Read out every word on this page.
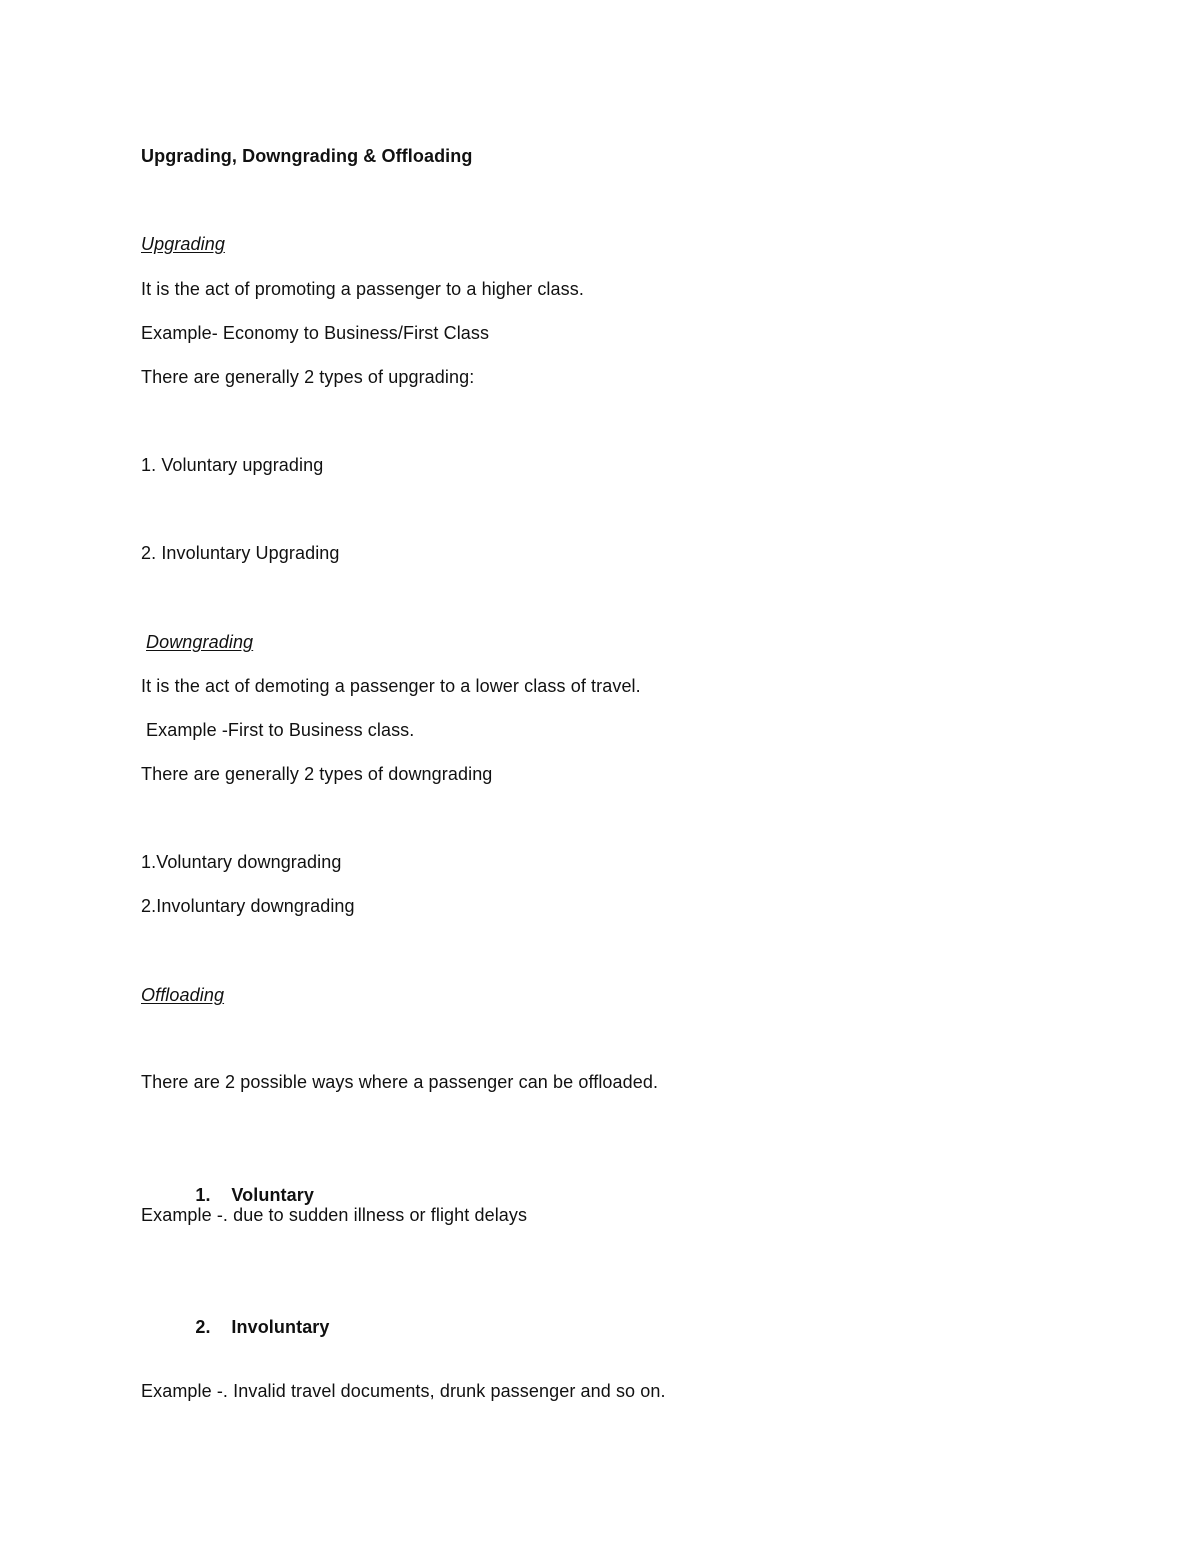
Upgrading, Downgrading & Offloading
Upgrading
It is the act of promoting a passenger to a higher class.
Example- Economy to Business/First Class
There are generally 2 types of upgrading:
1. Voluntary upgrading
2. Involuntary Upgrading
Downgrading
It is the act of demoting a passenger to a lower class of travel.
Example -First to Business class.
There are generally 2 types of downgrading
1.Voluntary downgrading
2.Involuntary downgrading
Offloading
There are 2 possible ways where a passenger can be offloaded.

1. Voluntary

Example -. due to sudden illness or flight delays

2. Involuntary

Example -. Invalid travel documents, drunk passenger and so on.
